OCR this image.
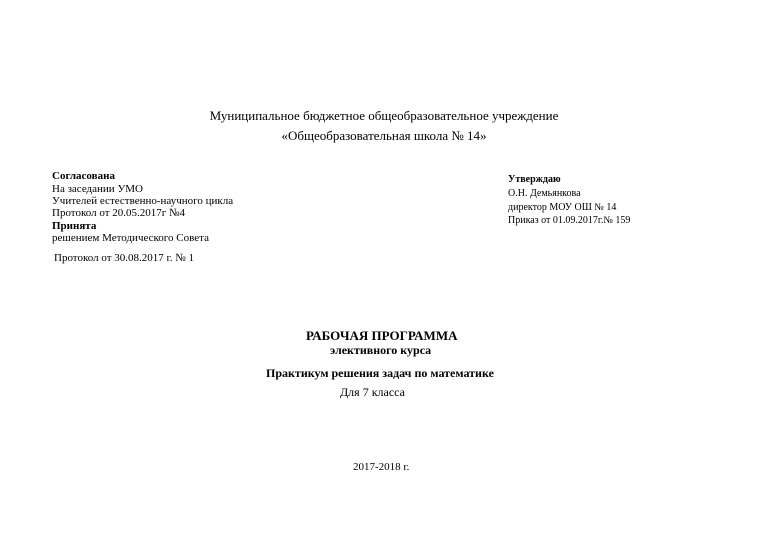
Муниципальное бюджетное общеобразовательное учреждение
«Общеобразовательная школа № 14»
Согласована
На заседании УМО
Учителей естественно-научного цикла
Протокол от 20.05.2017г №4
Принята
решением Методического Совета
Протокол от 30.08.2017 г. № 1
Утверждаю
О.Н. Демьянкова
директор МОУ ОШ № 14
Приказ от 01.09.2017г.№ 159
РАБОЧАЯ ПРОГРАММА
элективного курса
Практикум решения задач по математике
Для 7 класса
2017-2018 г.
